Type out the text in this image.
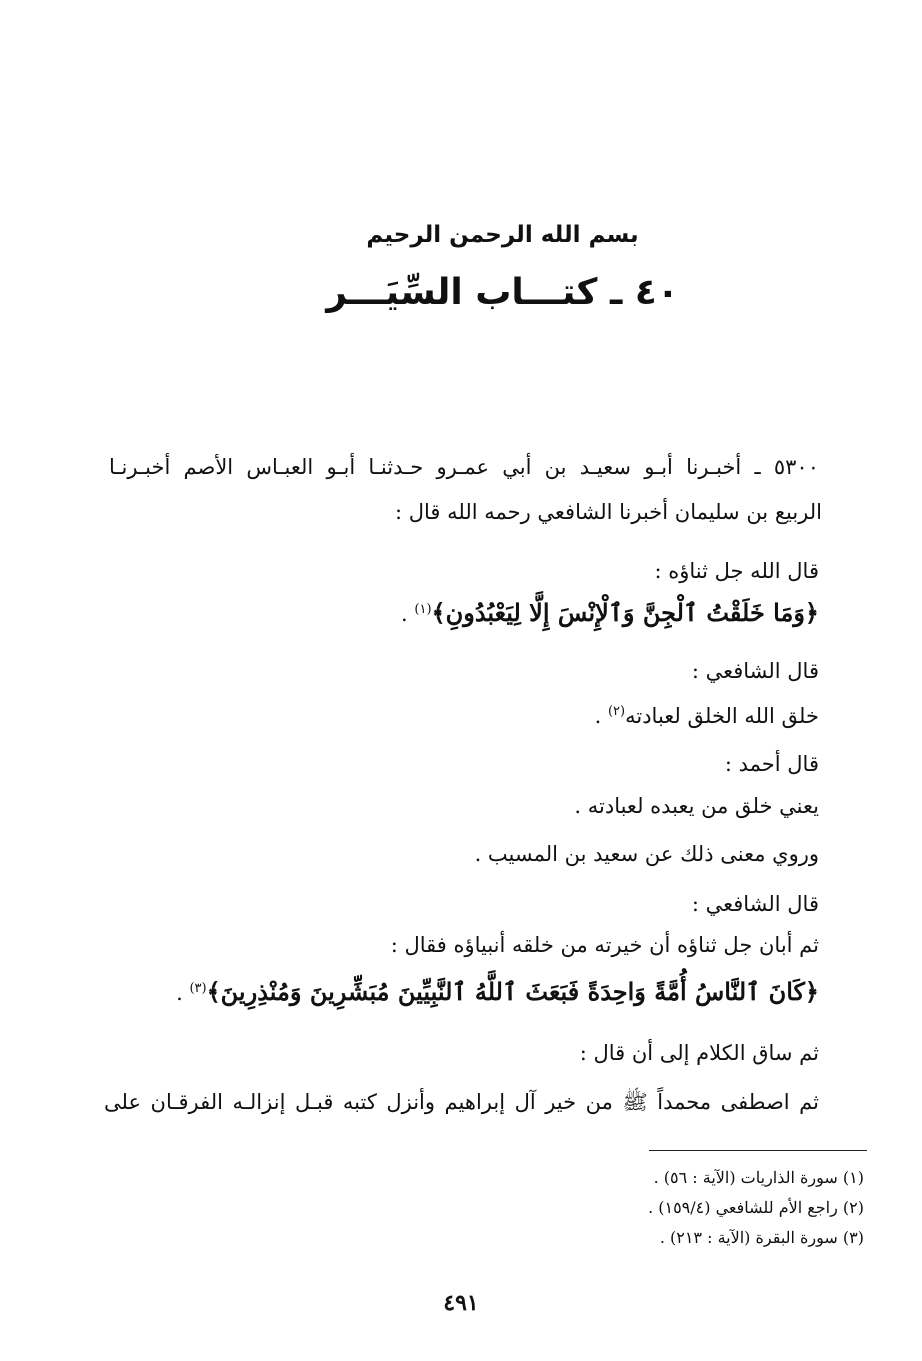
بسم الله الرحمن الرحيم
٤٠ ـ كتـــاب السِّيَـــر
٥٣٠٠ ـ أخبـرنا أبـو سعيـد بن أبي عمـرو حـدثنـا أبـو العبـاس الأصم أخبـرنـا
الربيع بن سليمان أخبرنا الشافعي رحمه الله قال :
قال الله جل ثناؤه :
﴿وَمَا خَلَقْتُ ٱلْجِنَّ وَٱلْإِنْسَ إِلَّا لِيَعْبُدُونِ﴾$^{(١)}$ .
قال الشافعي :
خلق الله الخلق لعبادته$^{(٢)}$ .
قال أحمد :
يعني خلق من يعبده لعبادته .
وروي معنى ذلك عن سعيد بن المسيب .
قال الشافعي :
ثم أبان جل ثناؤه أن خيرته من خلقه أنبياؤه فقال :
﴿كَانَ ٱلنَّاسُ أُمَّةً وَاحِدَةً فَبَعَثَ ٱللَّهُ ٱلنَّبِيِّينَ مُبَشِّرِينَ وَمُنْذِرِينَ﴾$^{(٣)}$ .
ثم ساق الكلام إلى أن قال :
ثم اصطفى محمداً ﷺ من خير آل إبراهيم وأنزل كتبه قبـل إنزالـه الفرقـان على
(١) سورة الذاريات (الآية : ٥٦) .
(٢) راجع الأم للشافعي (١٥٩/٤) .
(٣) سورة البقرة (الآية : ٢١٣) .
٤٩١
